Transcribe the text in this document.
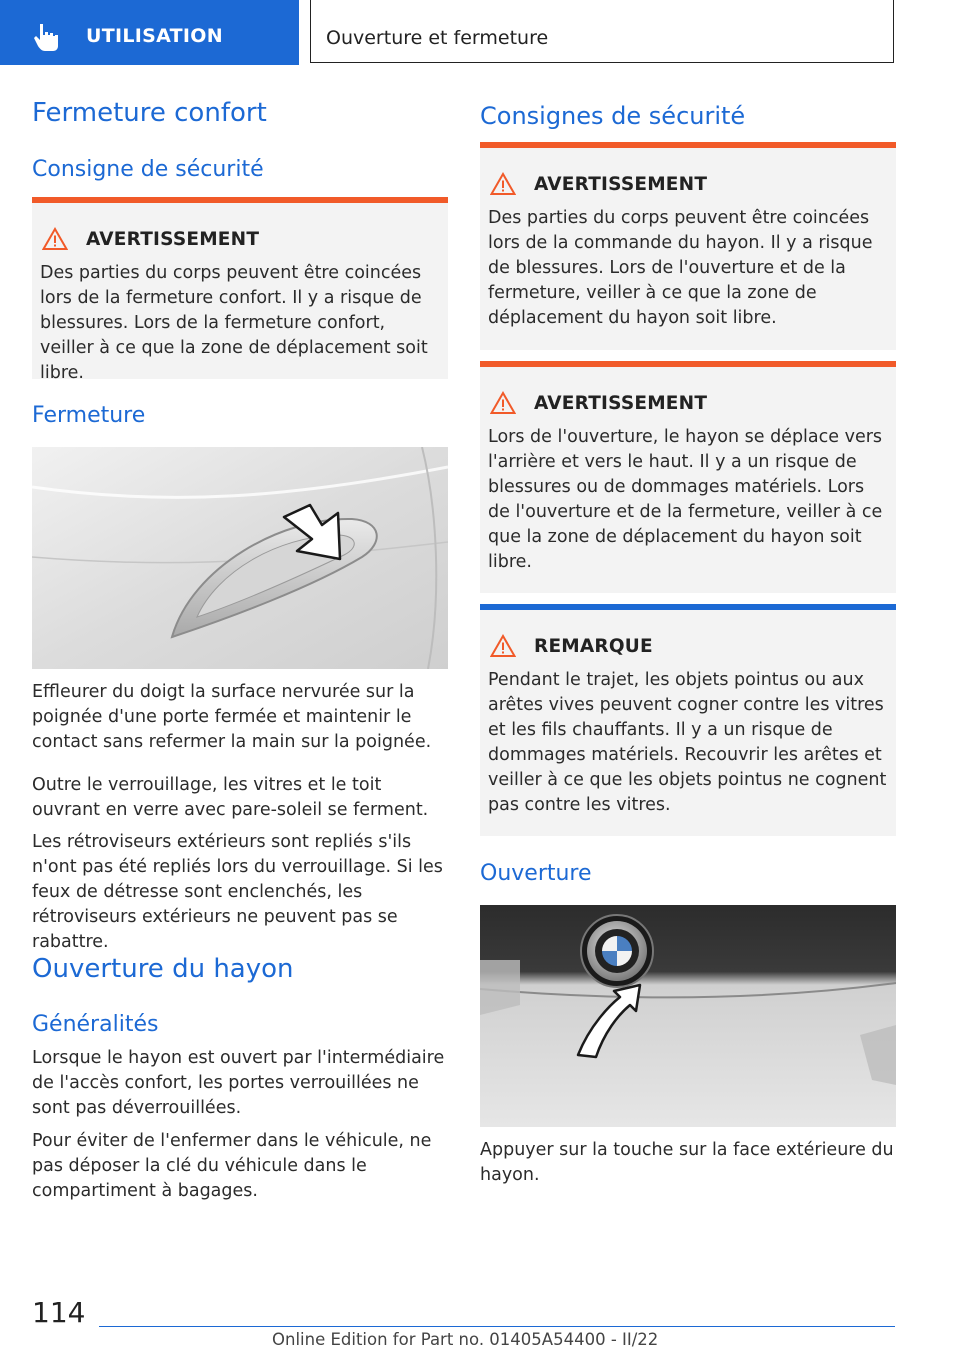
UTILISATION	Ouverture et fermeture
Fermeture confort
Consigne de sécurité
AVERTISSEMENT
Des parties du corps peuvent être coincées lors de la fermeture confort. Il y a risque de blessures. Lors de la fermeture confort, veiller à ce que la zone de déplacement soit libre.
Fermeture
Effleurer du doigt la surface nervurée sur la poignée d'une porte fermée et maintenir le contact sans refermer la main sur la poignée.
Outre le verrouillage, les vitres et le toit ouvrant en verre avec pare-soleil se ferment.
Les rétroviseurs extérieurs sont repliés s'ils n'ont pas été repliés lors du verrouillage. Si les feux de détresse sont enclenchés, les rétroviseurs extérieurs ne peuvent pas se rabattre.
Ouverture du hayon
Généralités
Lorsque le hayon est ouvert par l'intermédiaire de l'accès confort, les portes verrouillées ne sont pas déverrouillées.
Pour éviter de l'enfermer dans le véhicule, ne pas déposer la clé du véhicule dans le compartiment à bagages.
Consignes de sécurité
AVERTISSEMENT
Des parties du corps peuvent être coincées lors de la commande du hayon. Il y a risque de blessures. Lors de l'ouverture et de la fermeture, veiller à ce que la zone de déplacement du hayon soit libre.
AVERTISSEMENT
Lors de l'ouverture, le hayon se déplace vers l'arrière et vers le haut. Il y a un risque de blessures ou de dommages matériels. Lors de l'ouverture et de la fermeture, veiller à ce que la zone de déplacement du hayon soit libre.
REMARQUE
Pendant le trajet, les objets pointus ou aux arêtes vives peuvent cogner contre les vitres et les fils chauffants. Il y a un risque de dommages matériels. Recouvrir les arêtes et veiller à ce que les objets pointus ne cognent pas contre les vitres.
Ouverture
Appuyer sur la touche sur la face extérieure du hayon.
114
Online Edition for Part no. 01405A54400 - II/22
